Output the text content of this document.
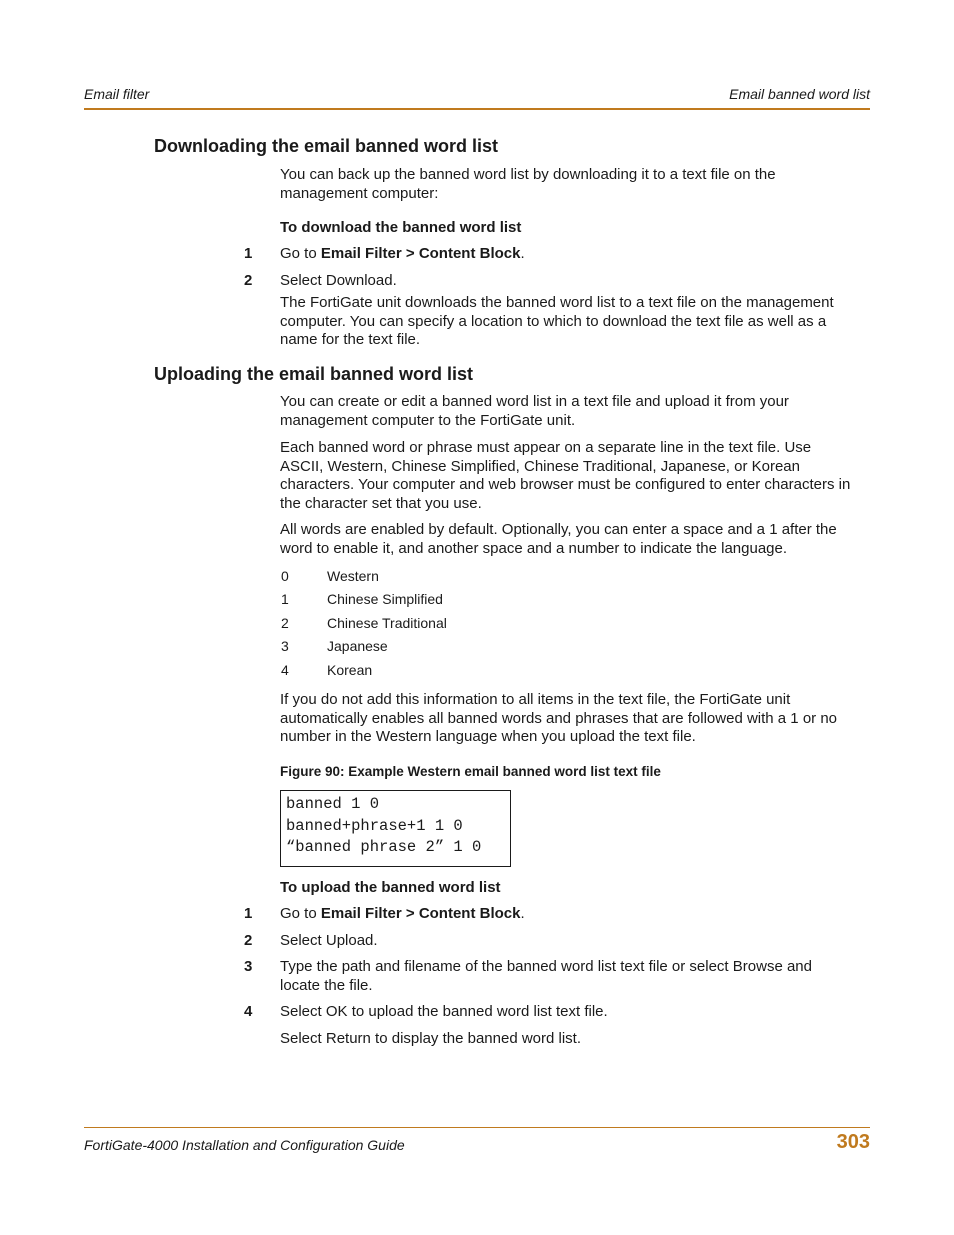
Email filter	Email banned word list
Downloading the email banned word list
You can back up the banned word list by downloading it to a text file on the
management computer:
To download the banned word list
1 Go to Email Filter > Content Block.
2 Select Download.
The FortiGate unit downloads the banned word list to a text file on the management
computer. You can specify a location to which to download the text file as well as a
name for the text file.
Uploading the email banned word list
You can create or edit a banned word list in a text file and upload it from your
management computer to the FortiGate unit.
Each banned word or phrase must appear on a separate line in the text file. Use
ASCII, Western, Chinese Simplified, Chinese Traditional, Japanese, or Korean
characters. Your computer and web browser must be configured to enter characters in
the character set that you use.
All words are enabled by default. Optionally, you can enter a space and a 1 after the
word to enable it, and another space and a number to indicate the language.
0	Western
1	Chinese Simplified
2	Chinese Traditional
3	Japanese
4	Korean
If you do not add this information to all items in the text file, the FortiGate unit
automatically enables all banned words and phrases that are followed with a 1 or no
number in the Western language when you upload the text file.
Figure 90: Example Western email banned word list text file
banned 1 0
banned+phrase+1 1 0
“banned phrase 2” 1 0
To upload the banned word list
1 Go to Email Filter > Content Block.
2 Select Upload.
3 Type the path and filename of the banned word list text file or select Browse and
locate the file.
4 Select OK to upload the banned word list text file.
Select Return to display the banned word list.
FortiGate-4000 Installation and Configuration Guide	303
